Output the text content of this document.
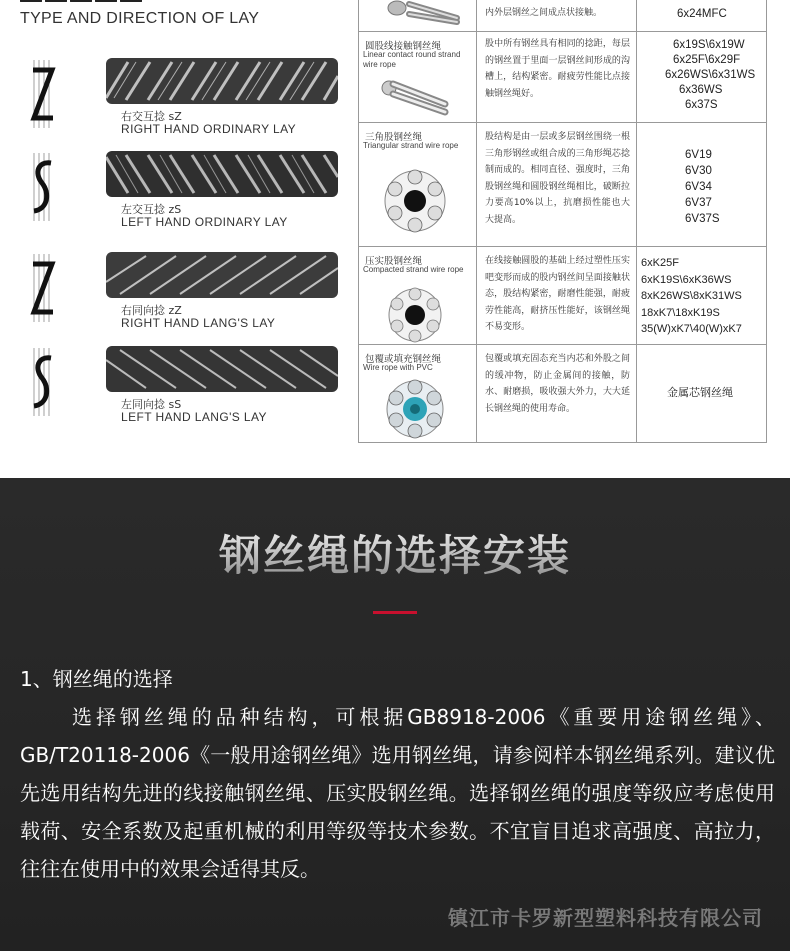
TYPE AND DIRECTION OF LAY
右交互捻 sZ
RIGHT HAND ORDINARY LAY
左交互捻 zS
LEFT HAND ORDINARY LAY
右同向捻 zZ
RIGHT HAND LANG'S LAY
左同向捻 sS
LEFT HAND LANG'S LAY
内外层钢丝之间成点状接触。	6x24MFC
圆股线接触钢丝绳
Linear contact round strand wire rope
股中所有钢丝具有相同的捻距，每层的钢丝置于里面一层钢丝间形成的沟槽上，结构紧密。耐疲劳性能比点接触钢丝绳好。
6x19S\6x19W
6x25F\6x29F
6x26WS\6x31WS
6x36WS
6x37S
三角股钢丝绳
Triangular strand wire rope
股结构是由一层或多层钢丝围绕一根三角形钢丝或组合成的三角形绳芯捻制而成的。相同直径、强度时，三角股钢丝绳和圆股钢丝绳相比，破断拉力要高10%以上，抗磨损性能也大大提高。
6V19
6V30
6V34
6V37
6V37S
压实股钢丝绳
Compacted strand wire rope
在线接触圆股的基础上经过塑性压实吧变形而成的股内钢丝间呈面接触状态，股结构紧密，耐磨性能强，耐疲劳性能高，耐挤压性能好，该钢丝绳不易变形。
6xK25F
6xK19S\6xK36WS
8xK26WS\8xK31WS
18xK7\18xK19S
35(W)xK7\40(W)xK7
包覆或填充钢丝绳
Wire rope with PVC
包覆或填充固态充当内芯和外股之间的缓冲物，防止金属间的接触，防水、耐磨损，吸收强大外力，大大延长钢丝绳的使用寿命。
金属芯钢丝绳
钢丝绳的选择安装
1、钢丝绳的选择

选择钢丝绳的品种结构，可根据GB8918-2006《重要用途钢丝绳》、GB/T20118-2006《一般用途钢丝绳》选用钢丝绳，请参阅样本钢丝绳系列。建议优先选用结构先进的线接触钢丝绳、压实股钢丝绳。选择钢丝绳的强度等级应考虑使用载荷、安全系数及起重机械的利用等级等技术参数。不宜盲目追求高强度、高拉力，往往在使用中的效果会适得其反。

镇江市卡罗新型塑料科技有限公司
